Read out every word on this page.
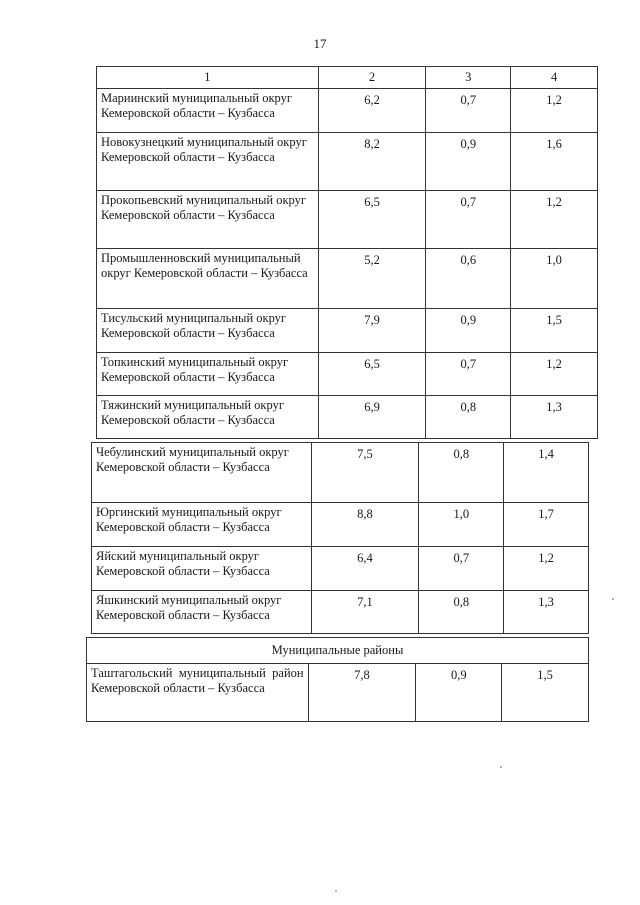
17
1	2	3	4
Мариинский муниципальный округ Кемеровской области – Кузбасса	6,2	0,7	1,2
Новокузнецкий муниципальный округ Кемеровской области – Кузбасса	8,2	0,9	1,6
Прокопьевский муниципальный округ Кемеровской области – Кузбасса	6,5	0,7	1,2
Промышленновский муниципальный округ Кемеровской области – Кузбасса	5,2	0,6	1,0
Тисульский муниципальный округ Кемеровской области – Кузбасса	7,9	0,9	1,5
Топкинский муниципальный округ Кемеровской области – Кузбасса	6,5	0,7	1,2
Тяжинский муниципальный округ Кемеровской области – Кузбасса	6,9	0,8	1,3
Чебулинский муниципальный округ Кемеровской области – Кузбасса	7,5	0,8	1,4
Юргинский муниципальный округ Кемеровской области – Кузбасса	8,8	1,0	1,7
Яйский муниципальный округ Кемеровской области – Кузбасса	6,4	0,7	1,2
Яшкинский муниципальный округ Кемеровской области – Кузбасса	7,1	0,8	1,3
Муниципальные районы
Таштагольский муниципальный район Кемеровской области – Кузбасса	7,8	0,9	1,5
